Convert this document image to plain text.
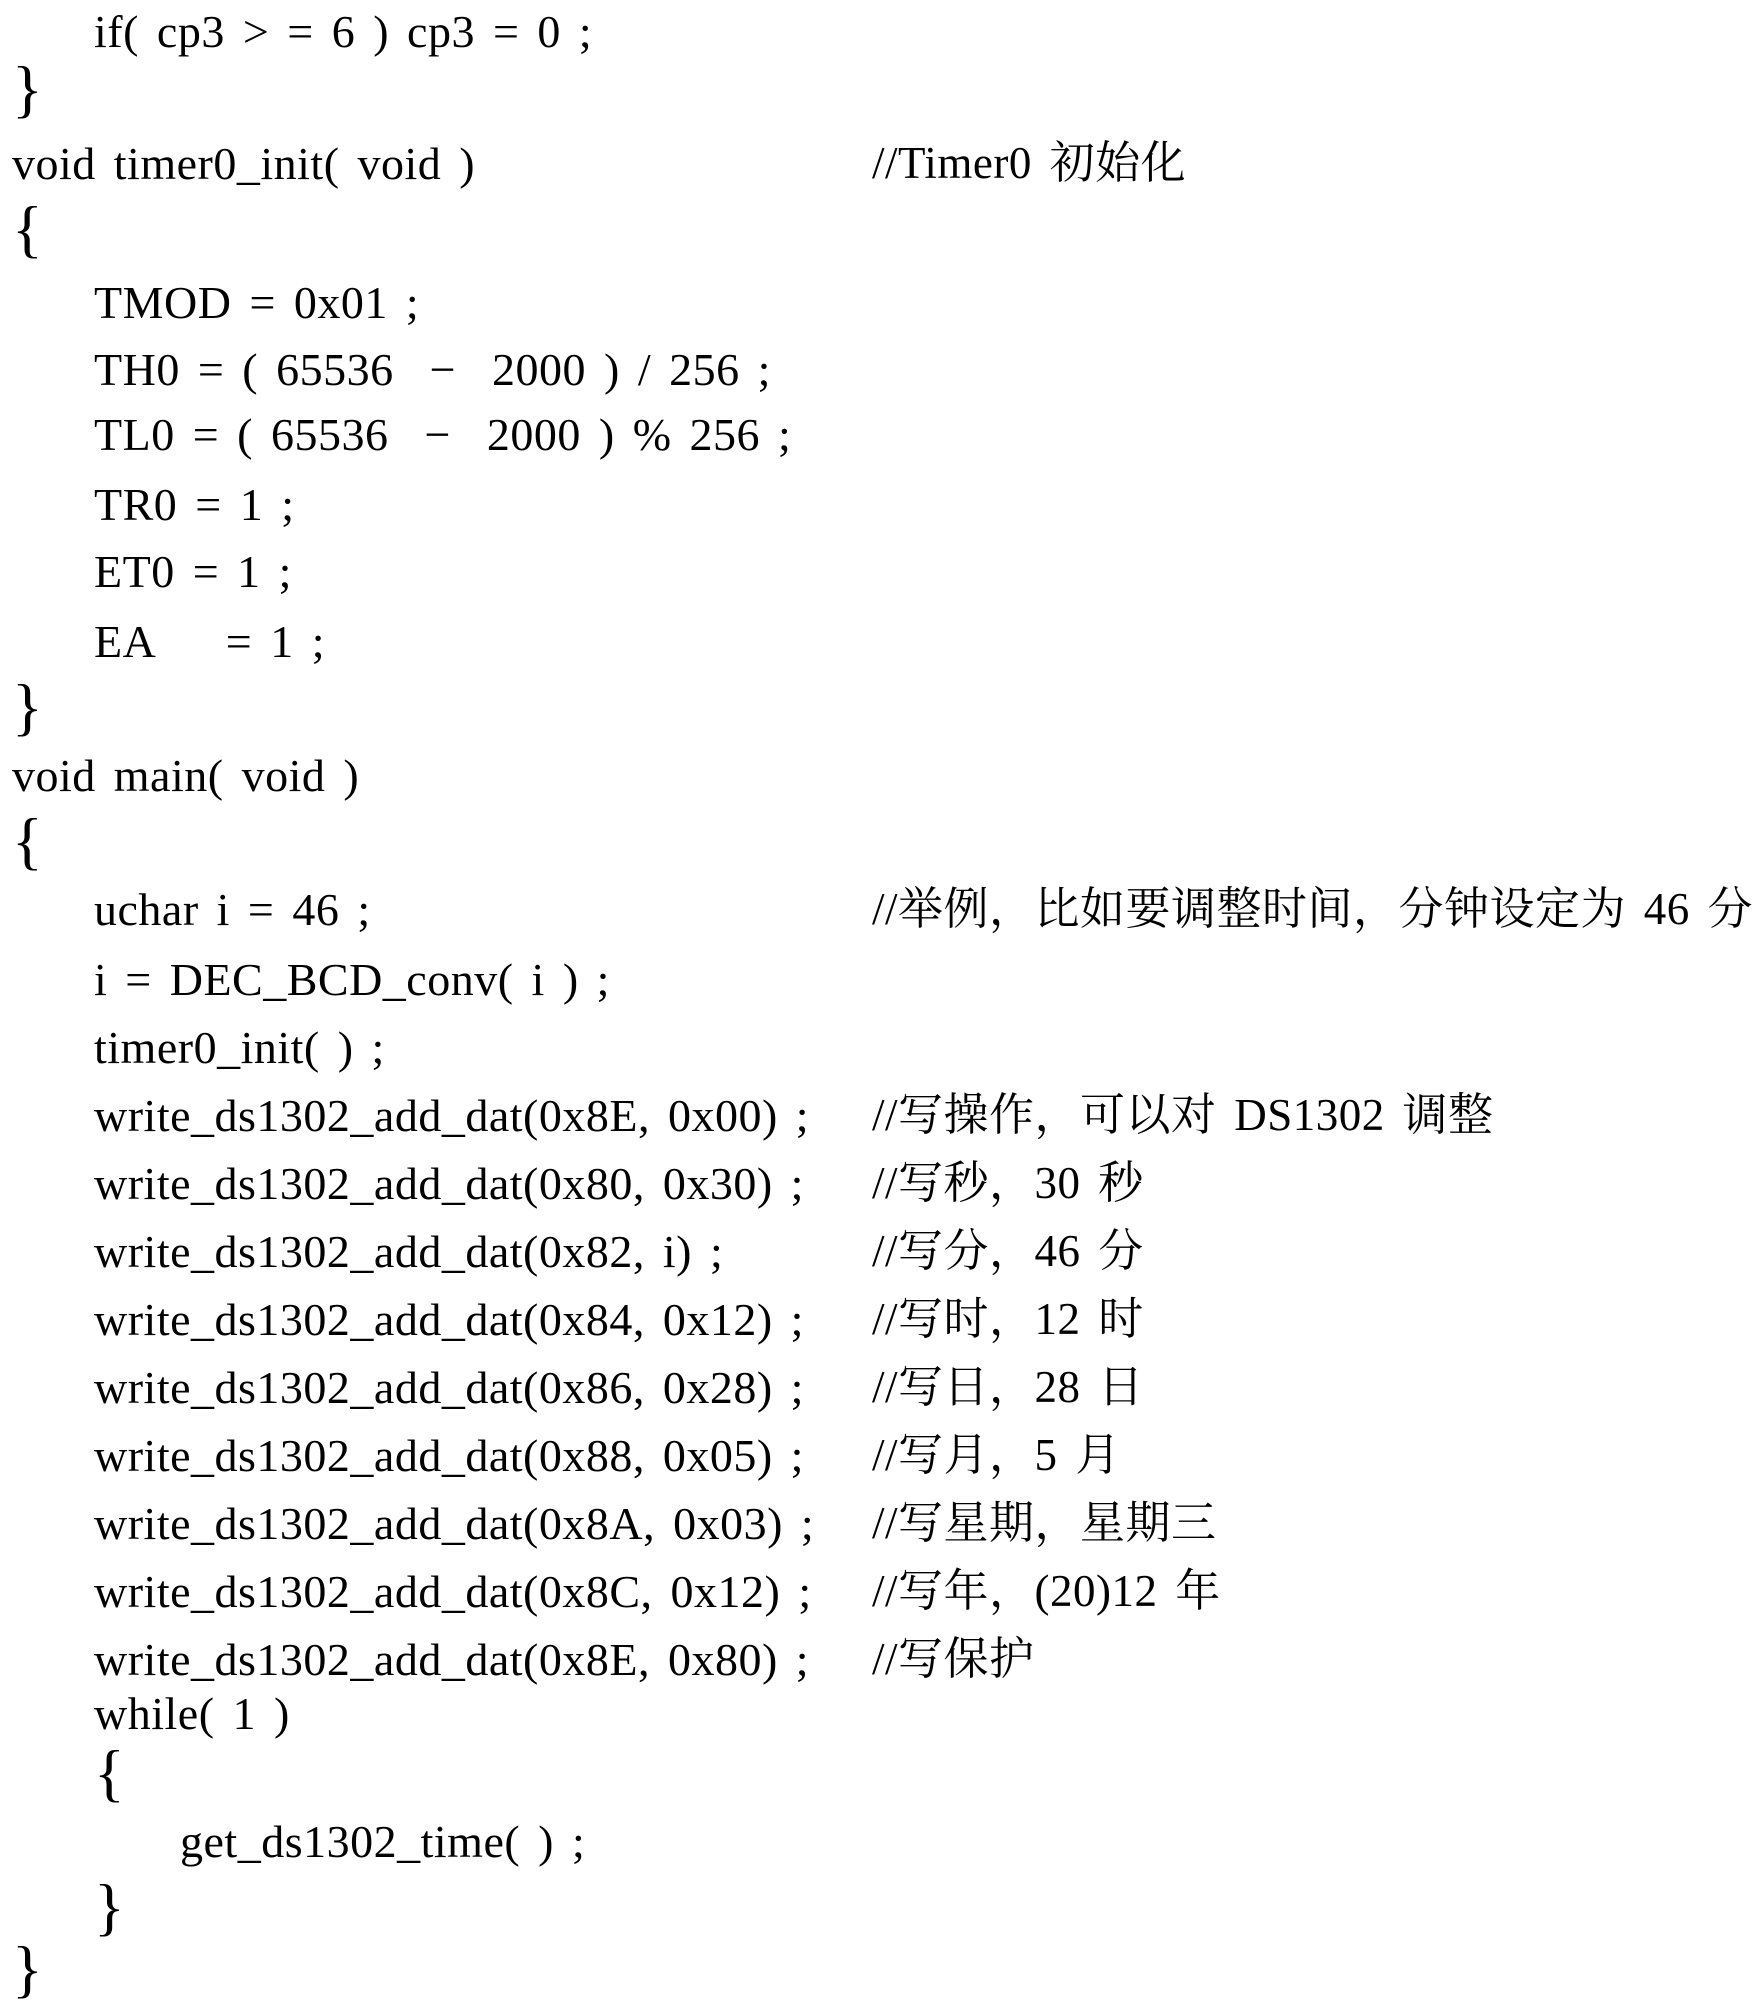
if( cp3 > = 6 ) cp3 = 0 ;
}
void timer0_init( void )	//Timer0 初始化
{
TMOD = 0x01 ;
TH0 = ( 65536  −  2000 ) / 256 ;
TL0 = ( 65536  −  2000 ) % 256 ;
TR0 = 1 ;
ET0 = 1 ;
EA    = 1 ;
}
void main( void )
{
uchar i = 46 ;	//举例，比如要调整时间，分钟设定为 46 分
i = DEC_BCD_conv( i ) ;
timer0_init( ) ;
write_ds1302_add_dat(0x8E, 0x00) ; //写操作，可以对 DS1302 调整
write_ds1302_add_dat(0x80, 0x30) ; //写秒，30 秒
write_ds1302_add_dat(0x82, i) ;	//写分，46 分
write_ds1302_add_dat(0x84, 0x12) ; //写时，12 时
write_ds1302_add_dat(0x86, 0x28) ; //写日，28 日
write_ds1302_add_dat(0x88, 0x05) ; //写月，5 月
write_ds1302_add_dat(0x8A, 0x03) ; //写星期，星期三
write_ds1302_add_dat(0x8C, 0x12) ; //写年，(20)12 年
write_ds1302_add_dat(0x8E, 0x80) ; //写保护
while( 1 )
{
get_ds1302_time( ) ;
}
}
